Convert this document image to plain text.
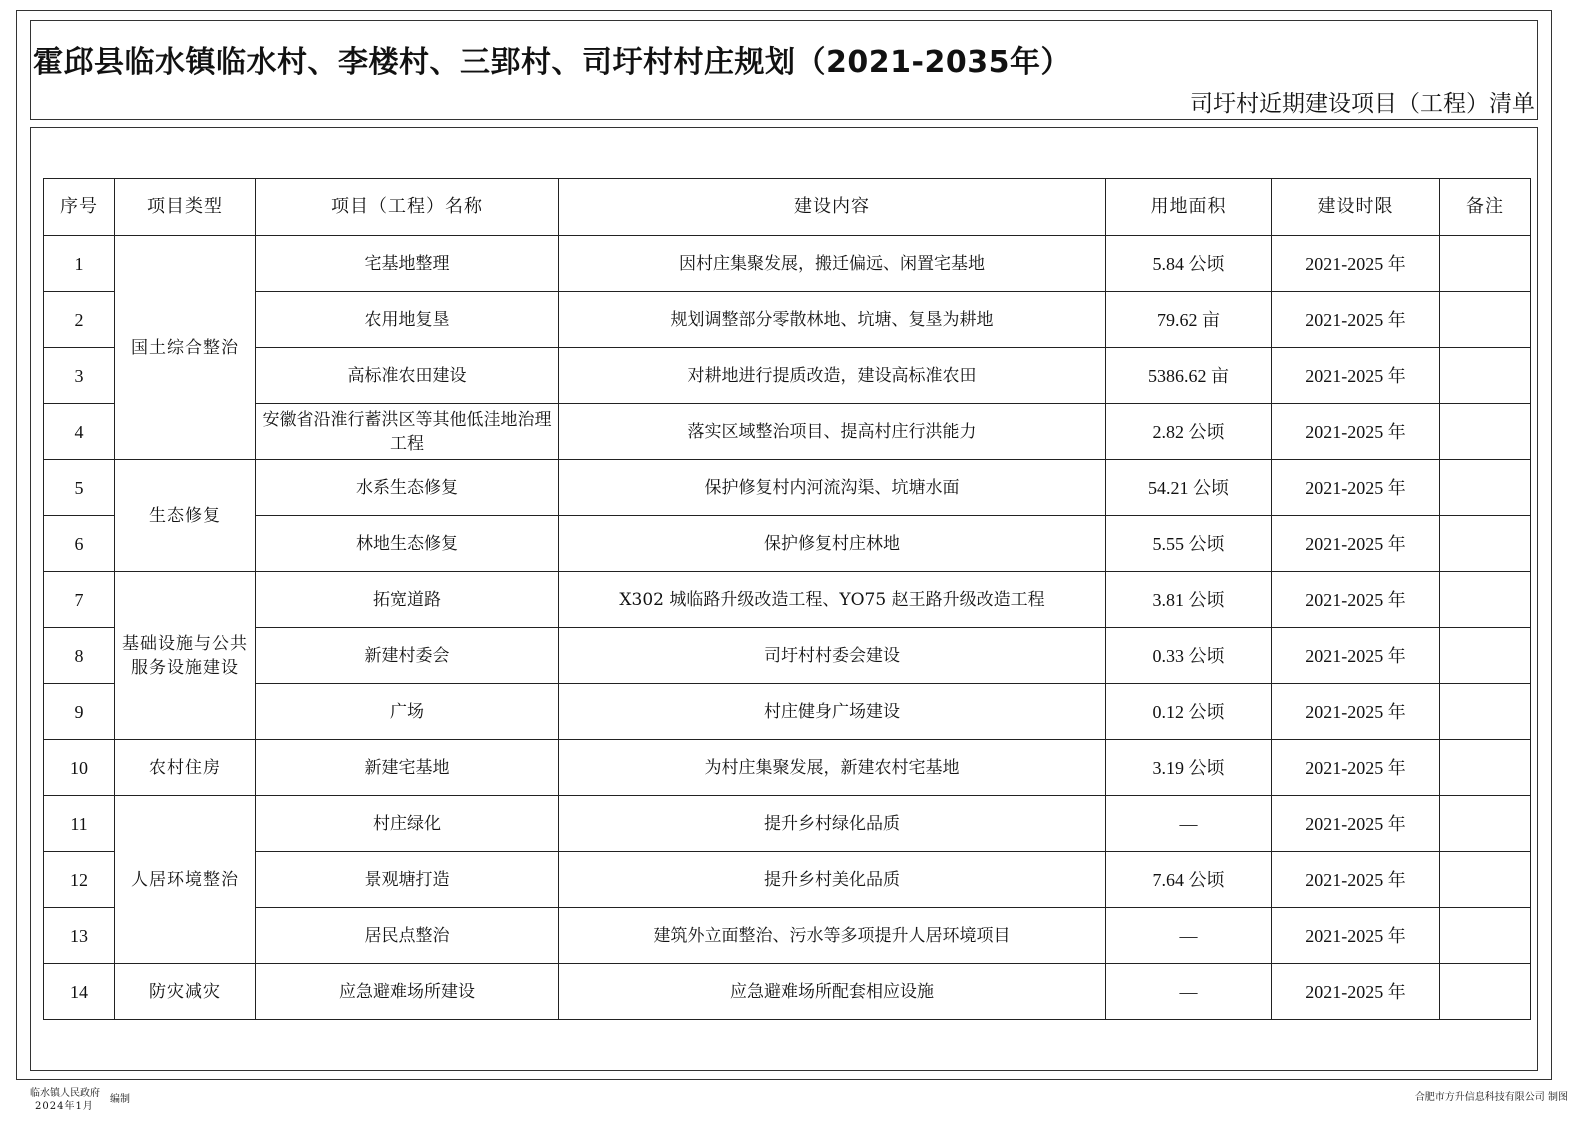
霍邱县临水镇临水村、李楼村、三郢村、司圩村村庄规划（2021-2035年）
司圩村近期建设项目（工程）清单
序号	项目类型	项目（工程）名称	建设内容	用地面积	建设时限	备注
1	国土综合整治	宅基地整理	因村庄集聚发展，搬迁偏远、闲置宅基地	5.84 公顷	2021-2025 年	
2		农用地复垦	规划调整部分零散林地、坑塘、复垦为耕地	79.62 亩	2021-2025 年	
3		高标准农田建设	对耕地进行提质改造，建设高标准农田	5386.62 亩	2021-2025 年	
4		安徽省沿淮行蓄洪区等其他低洼地治理工程	落实区域整治项目、提高村庄行洪能力	2.82 公顷	2021-2025 年	
5	生态修复	水系生态修复	保护修复村内河流沟渠、坑塘水面	54.21 公顷	2021-2025 年	
6		林地生态修复	保护修复村庄林地	5.55 公顷	2021-2025 年	
7	基础设施与公共服务设施建设	拓宽道路	X302 城临路升级改造工程、YO75 赵王路升级改造工程	3.81 公顷	2021-2025 年	
8		新建村委会	司圩村村委会建设	0.33 公顷	2021-2025 年	
9		广场	村庄健身广场建设	0.12 公顷	2021-2025 年	
10	农村住房	新建宅基地	为村庄集聚发展，新建农村宅基地	3.19 公顷	2021-2025 年	
11	人居环境整治	村庄绿化	提升乡村绿化品质	—	2021-2025 年	
12		景观塘打造	提升乡村美化品质	7.64 公顷	2021-2025 年	
13		居民点整治	建筑外立面整治、污水等多项提升人居环境项目	—	2021-2025 年	
14	防灾减灾	应急避难场所建设	应急避难场所配套相应设施	—	2021-2025 年	
临水镇人民政府
2024年1月
编制	合肥市方升信息科技有限公司 制图
